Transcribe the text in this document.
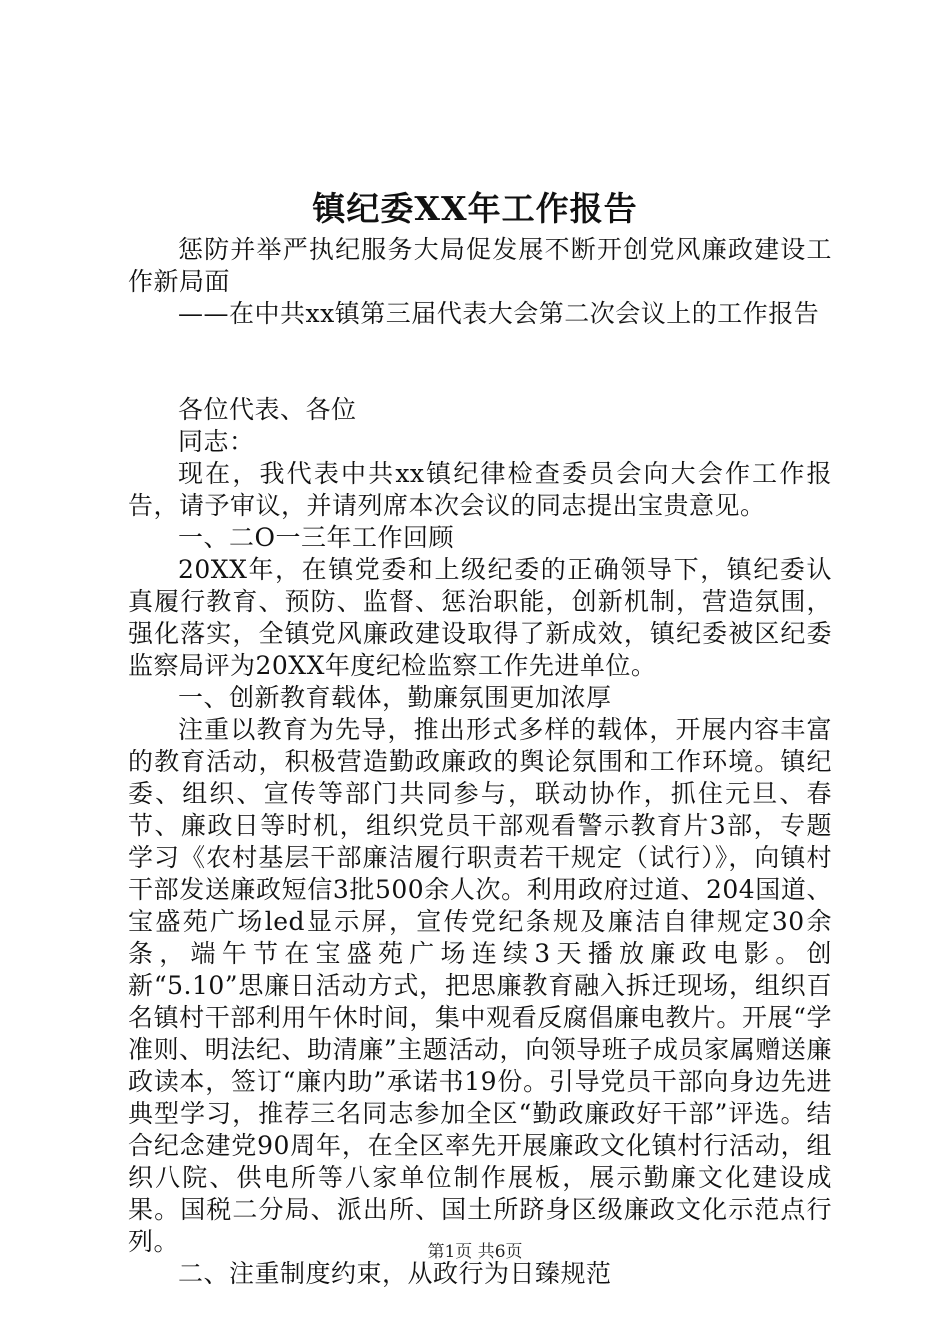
镇纪委XX年工作报告

惩防并举严执纪服务大局促发展不断开创党风廉政建设工作新局面

——在中共xx镇第三届代表大会第二次会议上的工作报告

各位代表、各位

同志：

现在，我代表中共xx镇纪律检查委员会向大会作工作报告，请予审议，并请列席本次会议的同志提出宝贵意见。

一、二O一三年工作回顾

20XX年，在镇党委和上级纪委的正确领导下，镇纪委认真履行教育、预防、监督、惩治职能，创新机制，营造氛围，强化落实，全镇党风廉政建设取得了新成效，镇纪委被区纪委监察局评为20XX年度纪检监察工作先进单位。

一、创新教育载体，勤廉氛围更加浓厚

注重以教育为先导，推出形式多样的载体，开展内容丰富的教育活动，积极营造勤政廉政的舆论氛围和工作环境。镇纪委、组织、宣传等部门共同参与，联动协作，抓住元旦、春节、廉政日等时机，组织党员干部观看警示教育片3部，专题学习《农村基层干部廉洁履行职责若干规定（试行）》，向镇村干部发送廉政短信3批500余人次。利用政府过道、204国道、宝盛苑广场led显示屏，宣传党纪条规及廉洁自律规定30余条，端午节在宝盛苑广场连续3天播放廉政电影。创新“5.10”思廉日活动方式，把思廉教育融入拆迁现场，组织百名镇村干部利用午休时间，集中观看反腐倡廉电教片。开展“学准则、明法纪、助清廉”主题活动，向领导班子成员家属赠送廉政读本，签订“廉内助”承诺书19份。引导党员干部向身边先进典型学习，推荐三名同志参加全区“勤政廉政好干部”评选。结合纪念建党90周年，在全区率先开展廉政文化镇村行活动，组织八院、供电所等八家单位制作展板，展示勤廉文化建设成果。国税二分局、派出所、国土所跻身区级廉政文化示范点行列。

二、注重制度约束，从政行为日臻规范

第1页 共6页
